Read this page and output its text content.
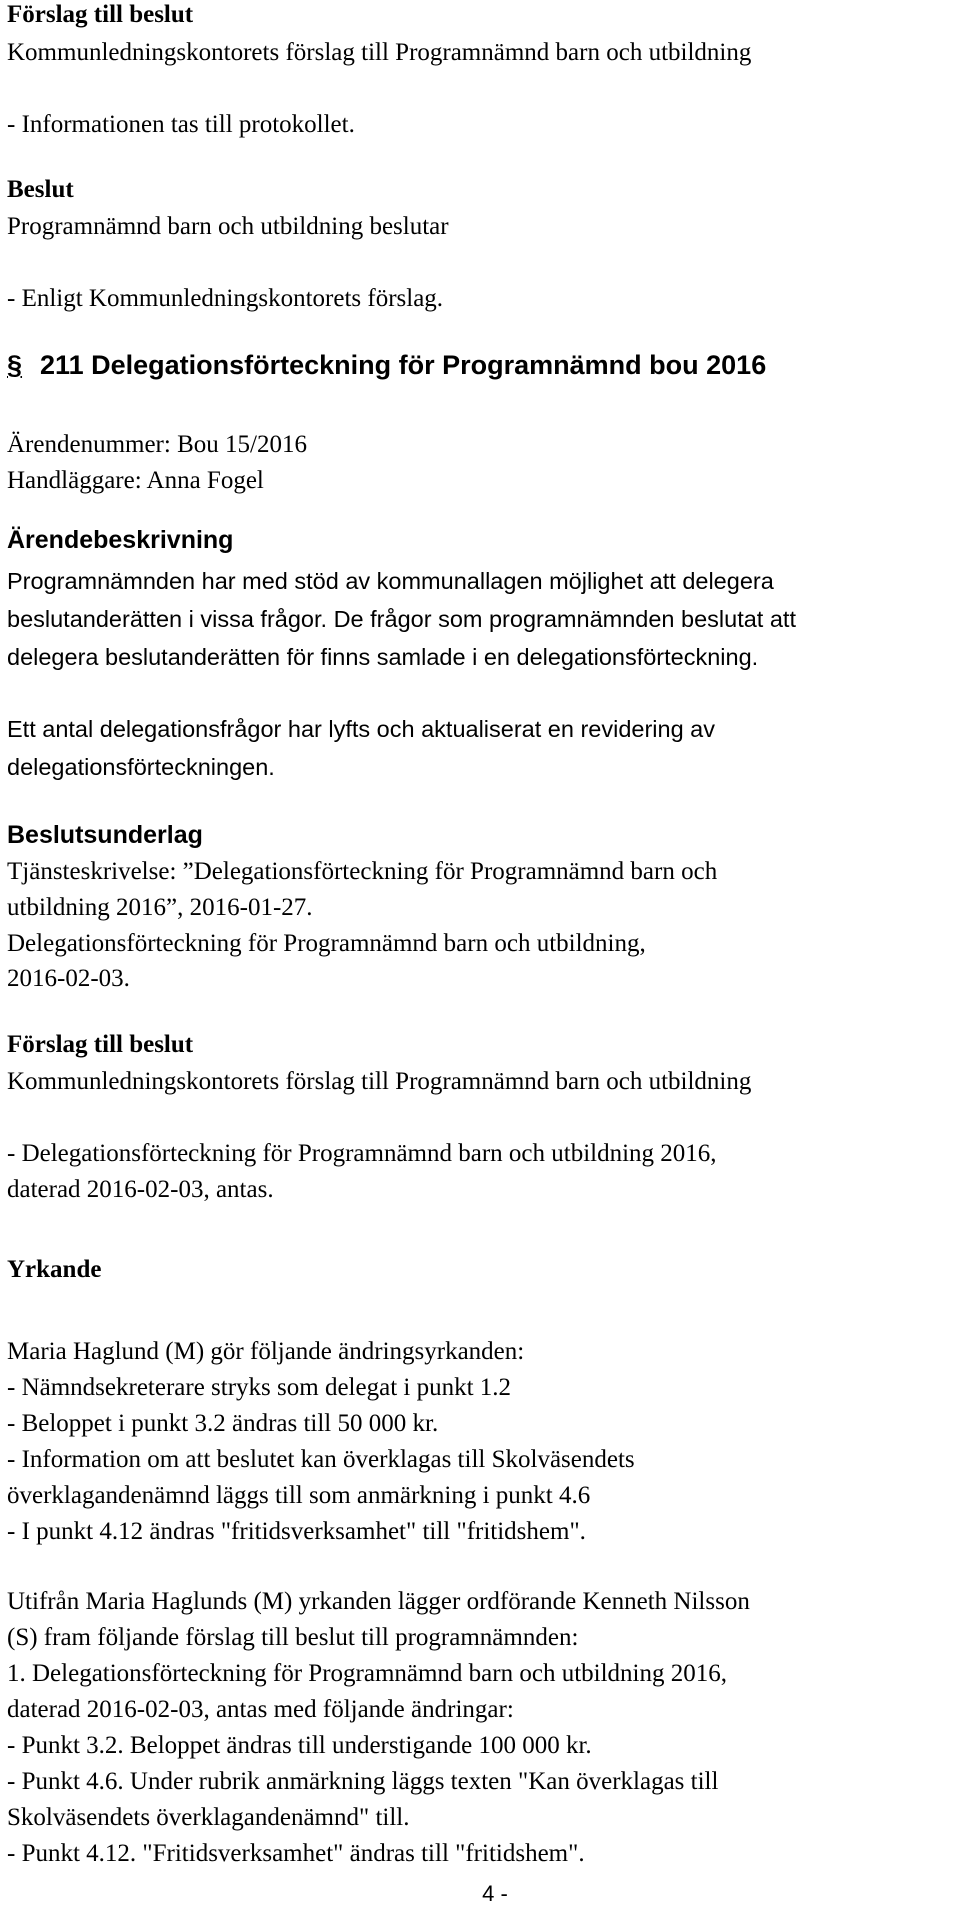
Förslag till beslut
Kommunledningskontorets förslag till Programnämnd barn och utbildning
- Informationen tas till protokollet.
Beslut
Programnämnd barn och utbildning beslutar
- Enligt Kommunledningskontorets förslag.
§ 211 Delegationsförteckning för Programnämnd bou 2016
Ärendenummer: Bou 15/2016
Handläggare: Anna Fogel
Ärendebeskrivning
Programnämnden har med stöd av kommunallagen möjlighet att delegera
beslutanderätten i vissa frågor. De frågor som programnämnden beslutat att
delegera beslutanderätten för finns samlade i en delegationsförteckning.
Ett antal delegationsfrågor har lyfts och aktualiserat en revidering av
delegationsförteckningen.
Beslutsunderlag
Tjänsteskrivelse: ”Delegationsförteckning för Programnämnd barn och
utbildning 2016”, 2016-01-27.
Delegationsförteckning för Programnämnd barn och utbildning,
2016-02-03.
Förslag till beslut
Kommunledningskontorets förslag till Programnämnd barn och utbildning
- Delegationsförteckning för Programnämnd barn och utbildning 2016,
daterad 2016-02-03, antas.
Yrkande
Maria Haglund (M) gör följande ändringsyrkanden:
- Nämndsekreterare stryks som delegat i punkt 1.2
- Beloppet i punkt 3.2 ändras till 50 000 kr.
- Information om att beslutet kan överklagas till Skolväsendets
överklagandenämnd läggs till som anmärkning i punkt 4.6
- I punkt 4.12 ändras "fritidsverksamhet" till "fritidshem".
Utifrån Maria Haglunds (M) yrkanden lägger ordförande Kenneth Nilsson
(S) fram följande förslag till beslut till programnämnden:
1. Delegationsförteckning för Programnämnd barn och utbildning 2016,
daterad 2016-02-03, antas med följande ändringar:
- Punkt 3.2. Beloppet ändras till understigande 100 000 kr.
- Punkt 4.6. Under rubrik anmärkning läggs texten "Kan överklagas till
Skolväsendets överklagandenämnd" till.
- Punkt 4.12. "Fritidsverksamhet" ändras till "fritidshem".
4 -
